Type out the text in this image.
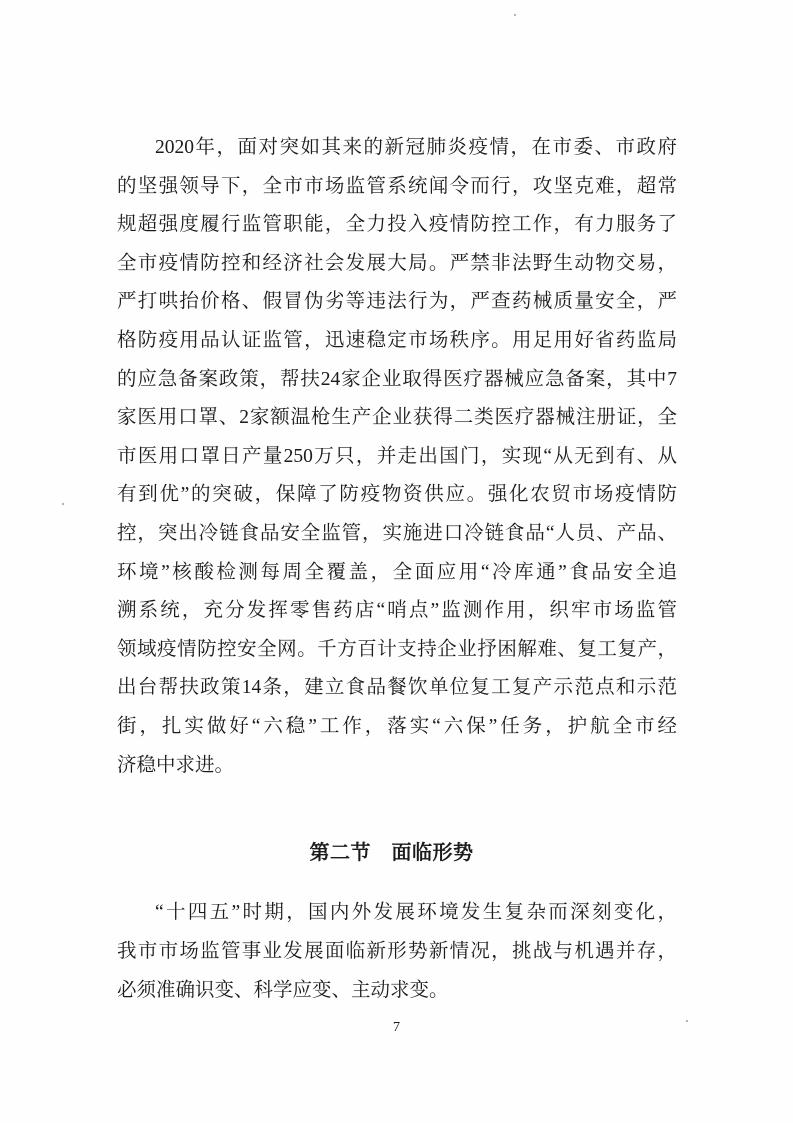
2020年，面对突如其来的新冠肺炎疫情，在市委、市政府
的坚强领导下，全市市场监管系统闻令而行，攻坚克难，超常
规超强度履行监管职能，全力投入疫情防控工作，有力服务了
全市疫情防控和经济社会发展大局。严禁非法野生动物交易，
严打哄抬价格、假冒伪劣等违法行为，严查药械质量安全，严
格防疫用品认证监管，迅速稳定市场秩序。用足用好省药监局
的应急备案政策，帮扶24家企业取得医疗器械应急备案，其中7
家医用口罩、2家额温枪生产企业获得二类医疗器械注册证，全
市医用口罩日产量250万只，并走出国门，实现“从无到有、从
有到优”的突破，保障了防疫物资供应。强化农贸市场疫情防
控，突出冷链食品安全监管，实施进口冷链食品“人员、产品、
环境”核酸检测每周全覆盖，全面应用“冷库通”食品安全追
溯系统，充分发挥零售药店“哨点”监测作用，织牢市场监管
领域疫情防控安全网。千方百计支持企业抒困解难、复工复产，
出台帮扶政策14条，建立食品餐饮单位复工复产示范点和示范
街，扎实做好“六稳”工作，落实“六保”任务，护航全市经
济稳中求进。
第二节　面临形势
“十四五”时期，国内外发展环境发生复杂而深刻变化，
我市市场监管事业发展面临新形势新情况，挑战与机遇并存，
必须准确识变、科学应变、主动求变。
7
